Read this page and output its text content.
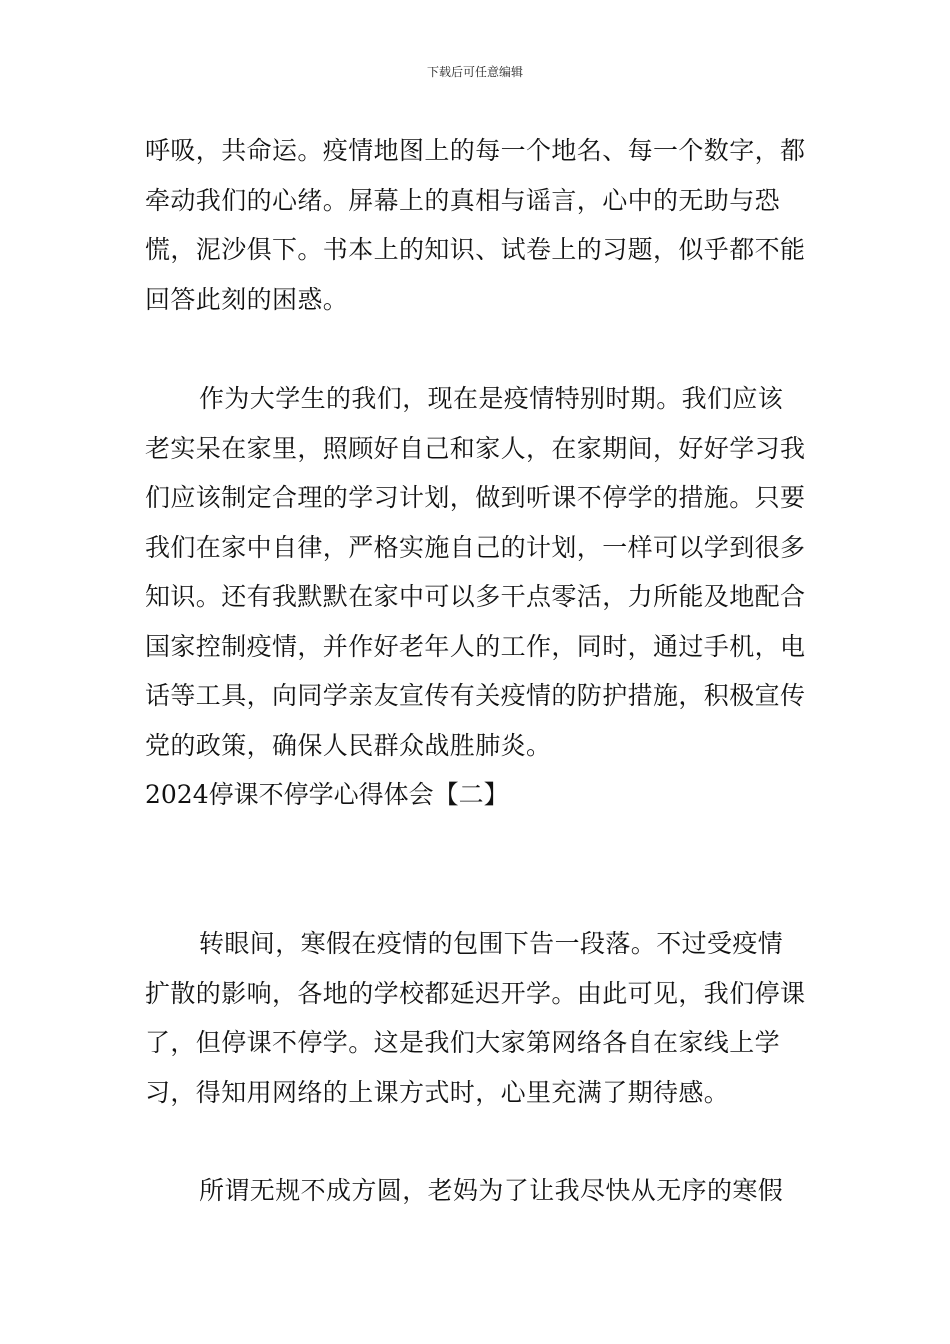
下载后可任意编辑

呼吸，共命运。疫情地图上的每一个地名、每一个数字，都牵动我们的心绪。屏幕上的真相与谣言，心中的无助与恐慌，泥沙俱下。书本上的知识、试卷上的习题，似乎都不能回答此刻的困惑。

作为大学生的我们，现在是疫情特别时期。我们应该老实呆在家里，照顾好自己和家人，在家期间，好好学习我们应该制定合理的学习计划，做到听课不停学的措施。只要我们在家中自律，严格实施自己的计划，一样可以学到很多知识。还有我默默在家中可以多干点零活，力所能及地配合国家控制疫情，并作好老年人的工作，同时，通过手机，电话等工具，向同学亲友宣传有关疫情的防护措施，积极宣传党的政策，确保人民群众战胜肺炎。

2024停课不停学心得体会【二】

转眼间，寒假在疫情的包围下告一段落。不过受疫情扩散的影响，各地的学校都延迟开学。由此可见，我们停课了，但停课不停学。这是我们大家第网络各自在家线上学习，得知用网络的上课方式时，心里充满了期待感。

所谓无规不成方圆，老妈为了让我尽快从无序的寒假
